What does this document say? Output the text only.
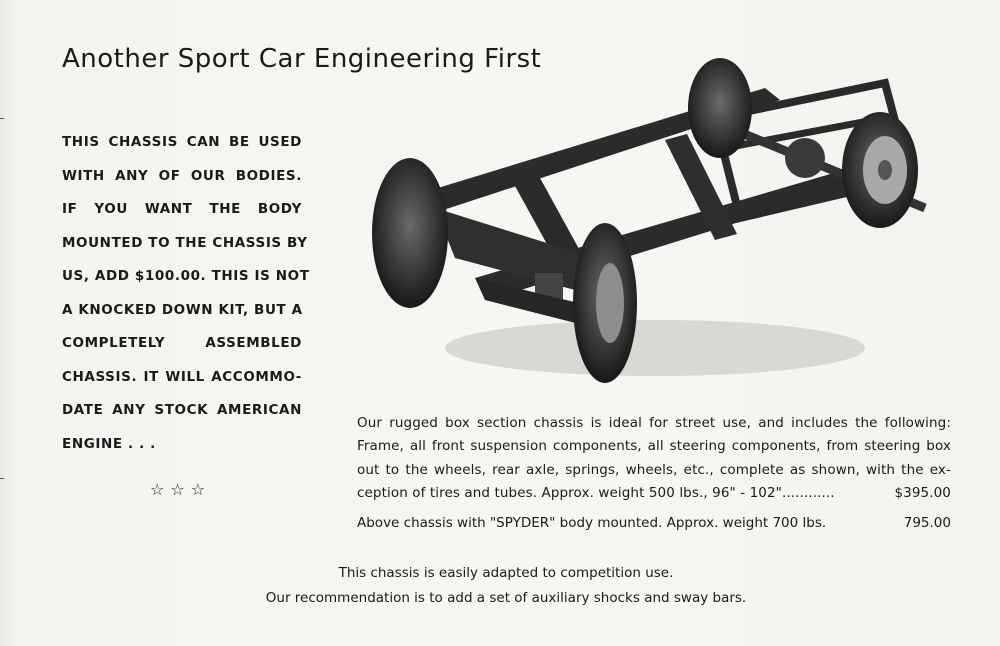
Another Sport Car Engineering First
THIS CHASSIS CAN BE USED
WITH ANY OF OUR BODIES.
IF YOU WANT THE BODY
MOUNTED TO THE CHASSIS BY
US, ADD $100.00. THIS IS NOT
A KNOCKED DOWN KIT, BUT A
COMPLETELY ASSEMBLED
CHASSIS. IT WILL ACCOMMO-
DATE ANY STOCK AMERICAN
ENGINE . . .
☆☆☆
Our rugged box section chassis is ideal for street use, and includes the following:
Frame, all front suspension components, all steering components, from steering box
out to the wheels, rear axle, springs, wheels, etc., complete as shown, with the ex-
ception of tires and tubes. Approx. weight 500 lbs., 96" - 102"............	$395.00
Above chassis with "SPYDER" body mounted. Approx. weight 700 lbs.	795.00
This chassis is easily adapted to competition use.
Our recommendation is to add a set of auxiliary shocks and sway bars.
